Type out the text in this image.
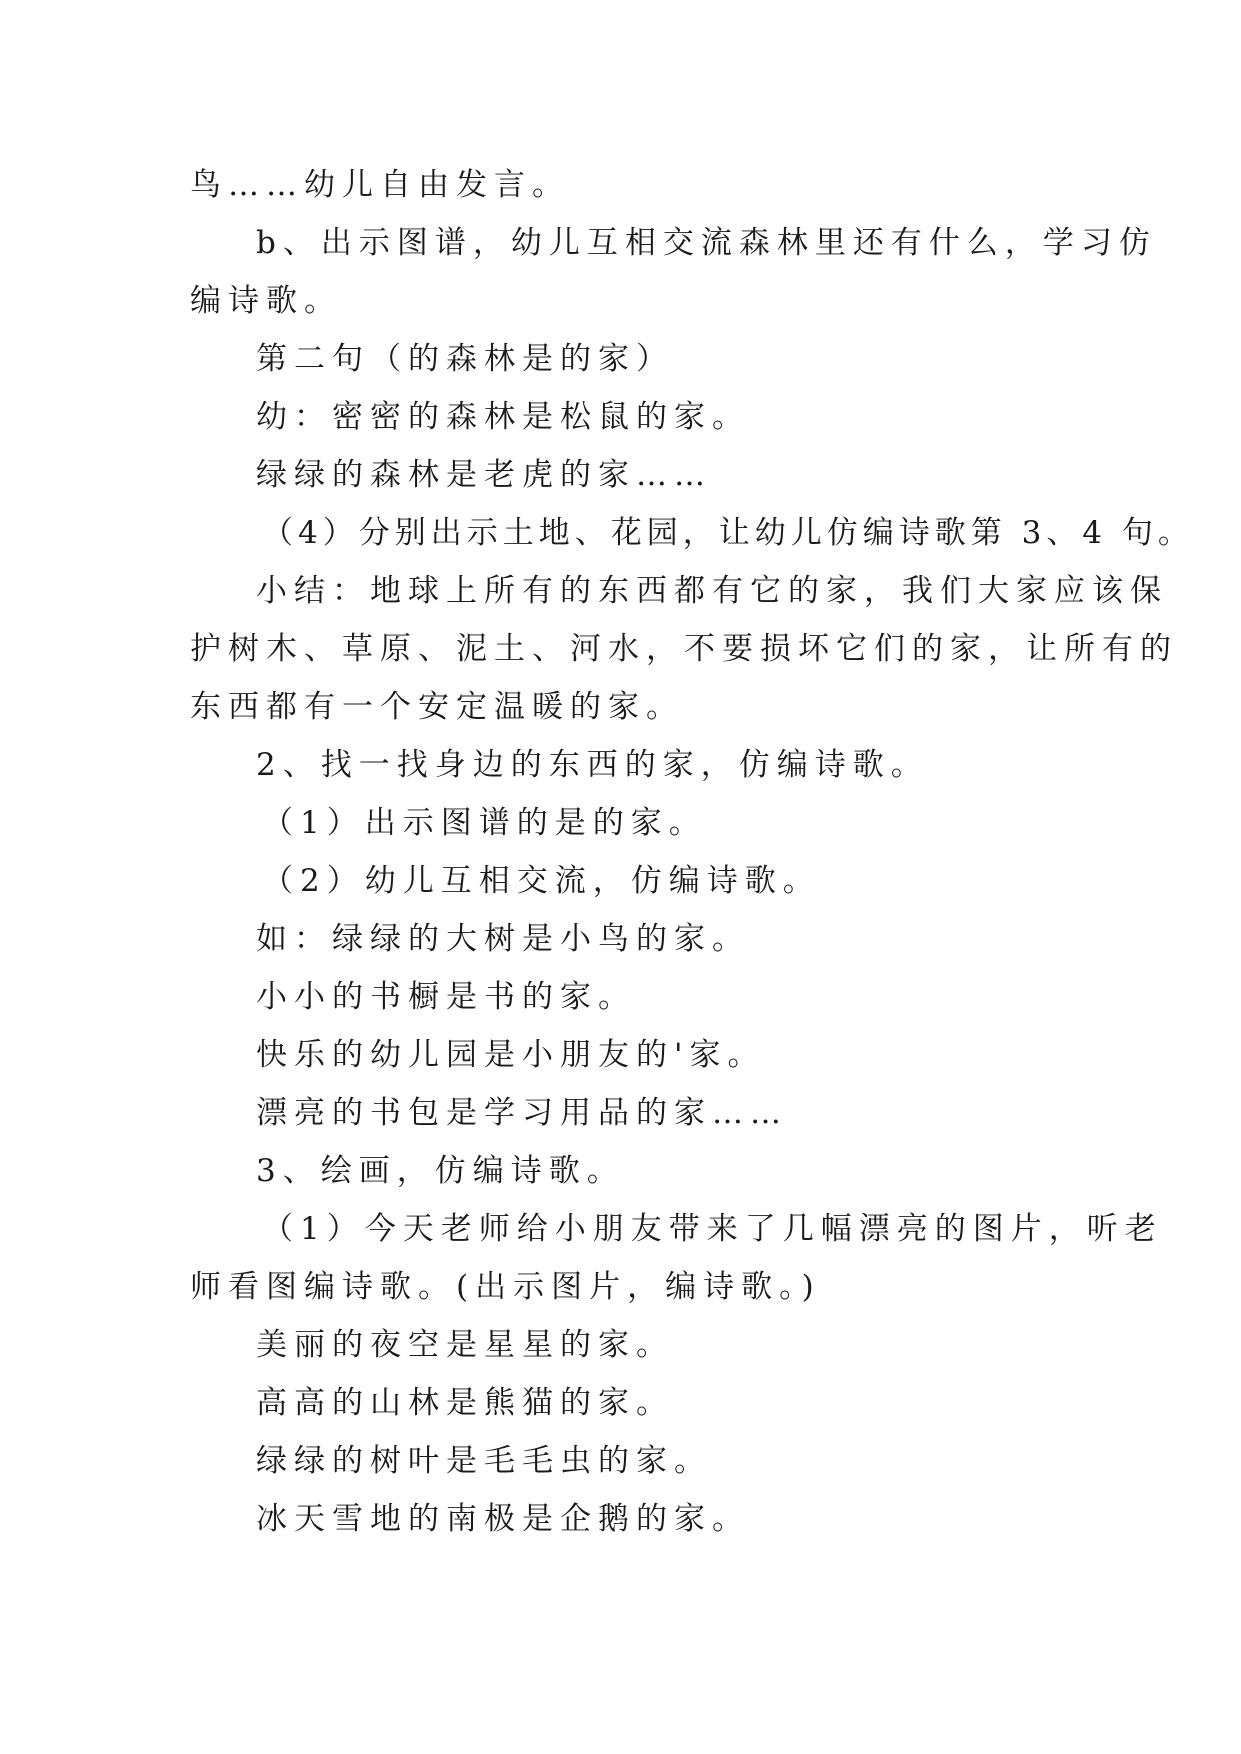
鸟……幼儿自由发言。
b、出示图谱，幼儿互相交流森林里还有什么，学习仿
编诗歌。
第二句（的森林是的家）
幼：密密的森林是松鼠的家。
绿绿的森林是老虎的家……
（4）分别出示土地、花园，让幼儿仿编诗歌第 3、4 句。
小结：地球上所有的东西都有它的家，我们大家应该保
护树木、草原、泥土、河水，不要损坏它们的家，让所有的
东西都有一个安定温暖的家。
2、找一找身边的东西的家，仿编诗歌。
（1）出示图谱的是的家。
（2）幼儿互相交流，仿编诗歌。
如：绿绿的大树是小鸟的家。
小小的书橱是书的家。
快乐的幼儿园是小朋友的'家。
漂亮的书包是学习用品的家……
3、绘画，仿编诗歌。
（1）今天老师给小朋友带来了几幅漂亮的图片，听老
师看图编诗歌。(出示图片，编诗歌。)
美丽的夜空是星星的家。
高高的山林是熊猫的家。
绿绿的树叶是毛毛虫的家。
冰天雪地的南极是企鹅的家。
